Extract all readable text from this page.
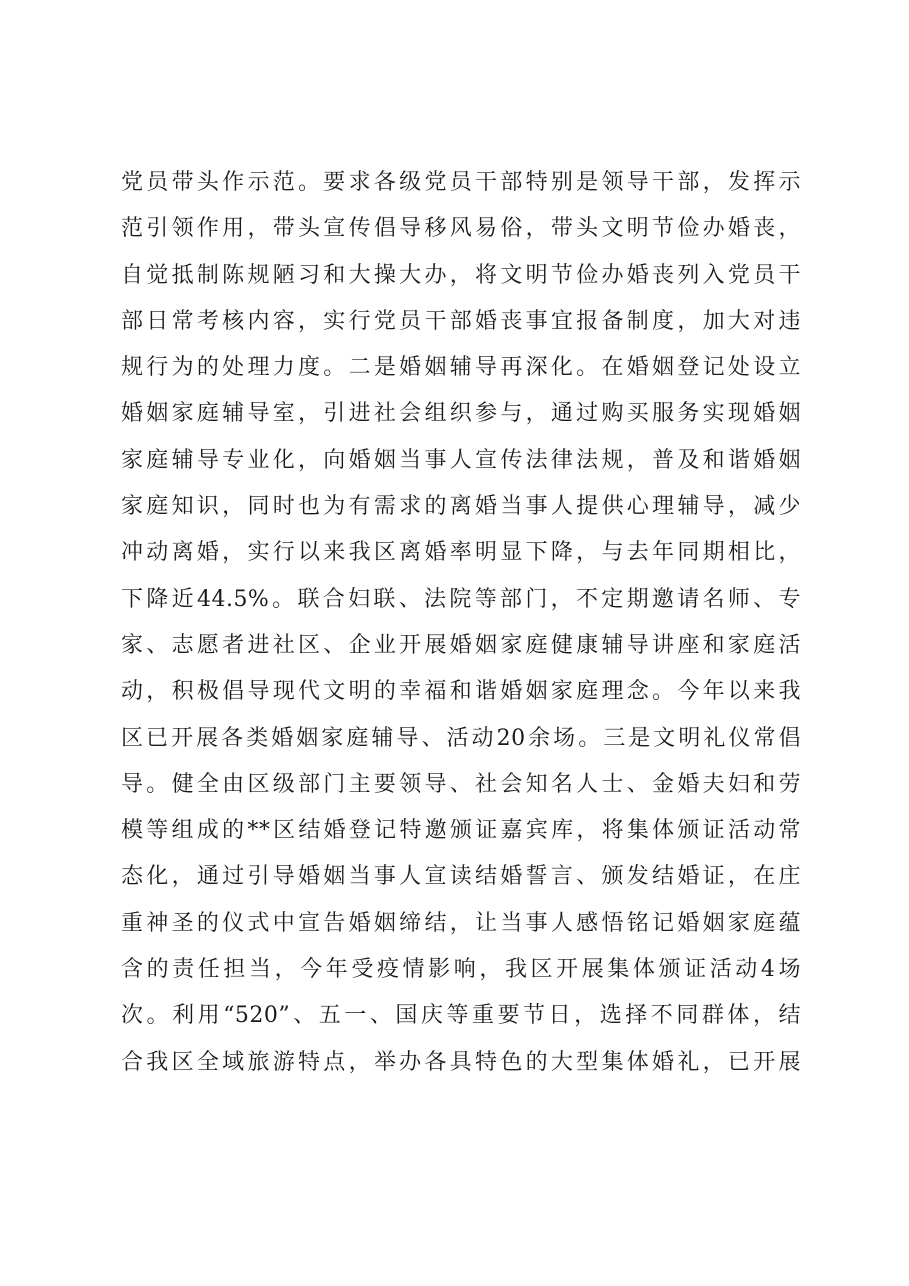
党员带头作示范。要求各级党员干部特别是领导干部，发挥示
范引领作用，带头宣传倡导移风易俗，带头文明节俭办婚丧，
自觉抵制陈规陋习和大操大办，将文明节俭办婚丧列入党员干
部日常考核内容，实行党员干部婚丧事宜报备制度，加大对违
规行为的处理力度。二是婚姻辅导再深化。在婚姻登记处设立
婚姻家庭辅导室，引进社会组织参与，通过购买服务实现婚姻
家庭辅导专业化，向婚姻当事人宣传法律法规，普及和谐婚姻
家庭知识，同时也为有需求的离婚当事人提供心理辅导，减少
冲动离婚，实行以来我区离婚率明显下降，与去年同期相比，
下降近44.5%。联合妇联、法院等部门，不定期邀请名师、专
家、志愿者进社区、企业开展婚姻家庭健康辅导讲座和家庭活
动，积极倡导现代文明的幸福和谐婚姻家庭理念。今年以来我
区已开展各类婚姻家庭辅导、活动20余场。三是文明礼仪常倡
导。健全由区级部门主要领导、社会知名人士、金婚夫妇和劳
模等组成的**区结婚登记特邀颁证嘉宾库，将集体颁证活动常
态化，通过引导婚姻当事人宣读结婚誓言、颁发结婚证，在庄
重神圣的仪式中宣告婚姻缔结，让当事人感悟铭记婚姻家庭蕴
含的责任担当，今年受疫情影响，我区开展集体颁证活动4场
次。利用“520”、五一、国庆等重要节日，选择不同群体，结
合我区全域旅游特点，举办各具特色的大型集体婚礼，已开展
